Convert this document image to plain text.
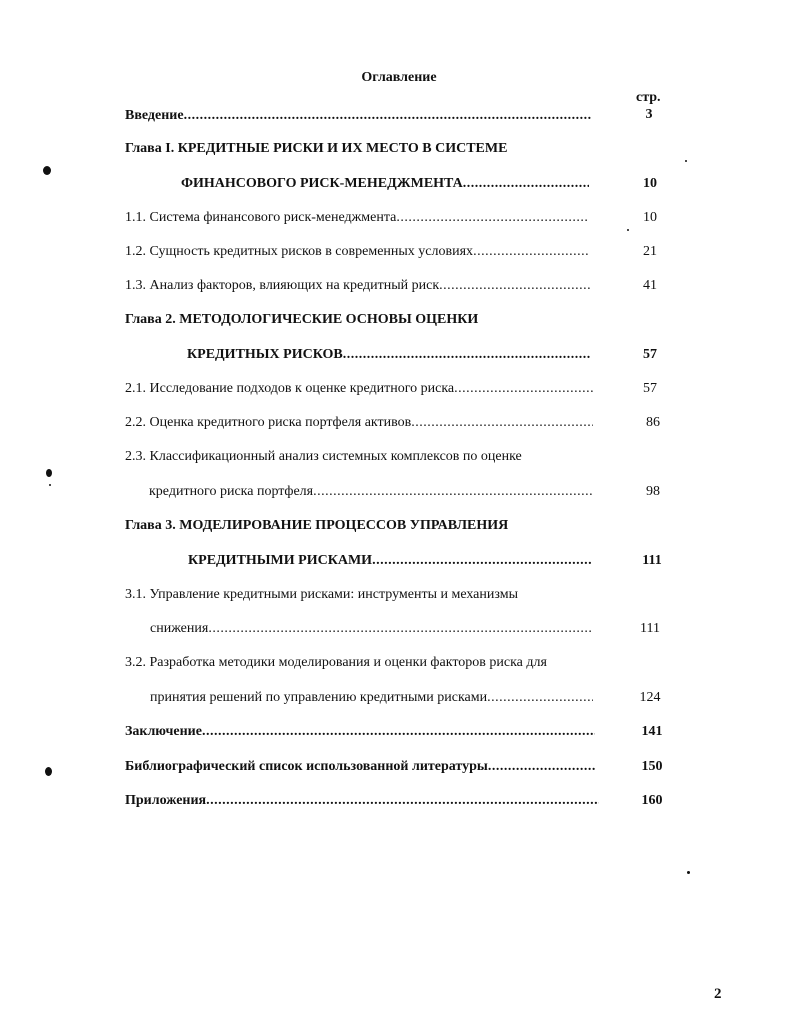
Оглавление
стр.
Введение .....	3
Глава I. КРЕДИТНЫЕ РИСКИ И ИХ МЕСТО В СИСТЕМЕ
ФИНАНСОВОГО РИСК-МЕНЕДЖМЕНТА .....	10
1.1. Система финансового риск-менеджмента .....	10
1.2. Сущность кредитных рисков в современных условиях .....	21
1.3. Анализ факторов, влияющих на кредитный риск .....	41
Глава 2. МЕТОДОЛОГИЧЕСКИЕ ОСНОВЫ ОЦЕНКИ
КРЕДИТНЫХ РИСКОВ .....	57
2.1. Исследование подходов к оценке кредитного риска .....	57
2.2. Оценка кредитного риска портфеля активов .....	86
2.3. Классификационный анализ системных комплексов по оценке
кредитного риска портфеля .....	98
Глава 3. МОДЕЛИРОВАНИЕ ПРОЦЕССОВ УПРАВЛЕНИЯ
КРЕДИТНЫМИ РИСКАМИ .....	111
3.1. Управление кредитными рисками: инструменты и механизмы
снижения .....	111
3.2. Разработка методики моделирования и оценки факторов риска для
принятия решений по управлению кредитными рисками .....	124
Заключение .....	141
Библиографический список использованной литературы .....	150
Приложения .....	160
2
